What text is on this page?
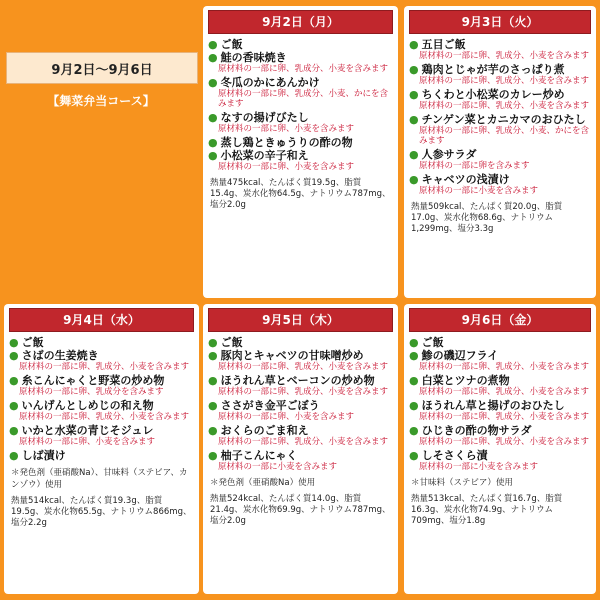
9月2日～9月6日
【舞菜弁当コース】
9月2日（月）
● ご飯
● 鮭の香味焼き
原材料の一部に卵、乳成分、小麦を含みます
● 冬瓜のかにあんかけ
原材料の一部に卵、乳成分、小麦、かにを含みます
● なすの揚げびたし
原材料の一部に卵、小麦を含みます
● 蒸し鶏ときゅうりの酢の物
● 小松菜の辛子和え
原材料の一部に卵、小麦を含みます
熱量475kcal、たんぱく質19.5g、脂質15.4g、炭水化物64.5g、ナトリウム787mg、塩分2.0g
9月3日（火）
● 五目ご飯
原材料の一部に卵、乳成分、小麦を含みます
● 鶏肉とじゃが芋のさっぱり煮
原材料の一部に卵、乳成分、小麦を含みます
● ちくわと小松菜のカレー炒め
原材料の一部に卵、乳成分、小麦を含みます
● チンゲン菜とカニカマのおひたし
原材料の一部に卵、乳成分、小麦、かにを含みます
● 人参サラダ
原材料の一部に卵を含みます
● キャベツの浅漬け
原材料の一部に小麦を含みます
熱量509kcal、たんぱく質20.0g、脂質17.0g、炭水化物68.6g、ナトリウム1,299mg、塩分3.3g
9月4日（水）
● ご飯
● さばの生姜焼き
原材料の一部に卵、乳成分、小麦を含みます
● 糸こんにゃくと野菜の炒め物
原材料の一部に卵、乳成分を含みます
● いんげんとしめじの和え物
原材料の一部に卵、乳成分、小麦を含みます
● いかと水菜の青じそジュレ
原材料の一部に卵、小麦を含みます
● しば漬け
＊発色剤（亜硝酸Na）、甘味料（ステビア、カンゾウ）使用
熱量514kcal、たんぱく質19.3g、脂質19.5g、炭水化物65.5g、ナトリウム866mg、塩分2.2g
9月5日（木）
● ご飯
● 豚肉とキャベツの甘味噌炒め
原材料の一部に卵、乳成分、小麦を含みます
● ほうれん草とベーコンの炒め物
原材料の一部に卵、乳成分、小麦を含みます
● ささがき金平ごぼう
原材料の一部に卵、小麦を含みます
● おくらのごま和え
原材料の一部に卵、乳成分、小麦を含みます
● 柚子こんにゃく
原材料の一部に小麦を含みます
＊発色剤（亜硝酸Na）使用
熱量524kcal、たんぱく質14.0g、脂質21.4g、炭水化物69.9g、ナトリウム787mg、塩分2.0g
9月6日（金）
● ご飯
● 鯵の磯辺フライ
原材料の一部に卵、乳成分、小麦を含みます
● 白菜とツナの煮物
原材料の一部に卵、乳成分、小麦を含みます
● ほうれん草と揚げのおひたし
原材料の一部に卵、乳成分、小麦を含みます
● ひじきの酢の物サラダ
原材料の一部に卵、乳成分、小麦を含みます
● しそさくら漬
原材料の一部に小麦を含みます
＊甘味料（ステビア）使用
熱量513kcal、たんぱく質16.7g、脂質16.3g、炭水化物74.9g、ナトリウム709mg、塩分1.8g
